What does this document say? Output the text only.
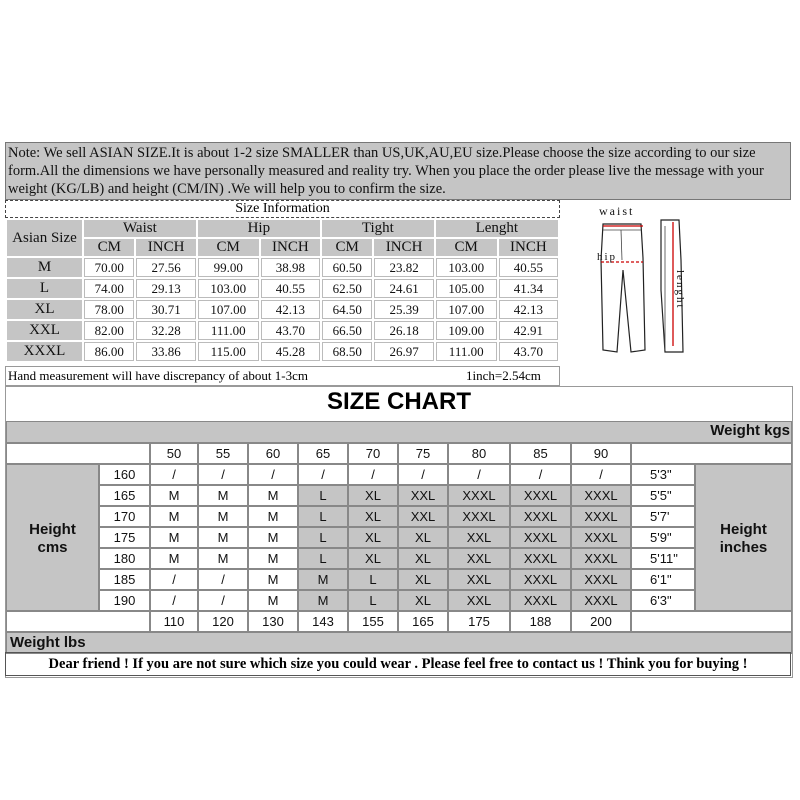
Note: We sell ASIAN SIZE.It is about 1-2 size SMALLER than US,UK,AU,EU size.Please choose the size according to our size form.All the dimensions we have personally measured and reality try. When you place the order please live the message with your weight (KG/LB) and height (CM/IN) .We will help you to confirm the size.

Asian Size	Waist		Hip		Tight		Lenght	
	CM	INCH	CM	INCH	CM	INCH	CM	INCH
M	70.00	27.56	99.00	38.98	60.50	23.82	103.00	40.55
L	74.00	29.13	103.00	40.55	62.50	24.61	105.00	41.34
XL	78.00	30.71	107.00	42.13	64.50	25.39	107.00	42.13
XXL	82.00	32.28	111.00	43.70	66.50	26.18	109.00	42.91
XXXL	86.00	33.86	115.00	45.28	68.50	26.97	111.00	43.70
Size Information
Hand measurement will have discrepancy of about 1-3cm	1inch=2.54cm
waist
hip
lenght
SIZE CHART
Weight kgs
50	55	60	65	70	75	80	85	90
Height
cms
Height
inches
160	/	/	/	/	/	/	/	/	/	5'3"
165	M	M	M	L	XL	XXL	XXXL	XXXL	XXXL	5'5"
170	M	M	M	L	XL	XXL	XXXL	XXXL	XXXL	5'7'
175	M	M	M	L	XL	XL	XXL	XXXL	XXXL	5'9"
180	M	M	M	L	XL	XL	XXL	XXXL	XXXL	5'11"
185	/	/	M	M	L	XL	XXL	XXXL	XXXL	6'1"
190	/	/	M	M	L	XL	XXL	XXXL	XXXL	6'3"
110	120	130	143	155	165	175	188	200
Weight lbs
Dear friend ! If you are not sure which size you could wear . Please feel free to contact us ! Think you for buying !
